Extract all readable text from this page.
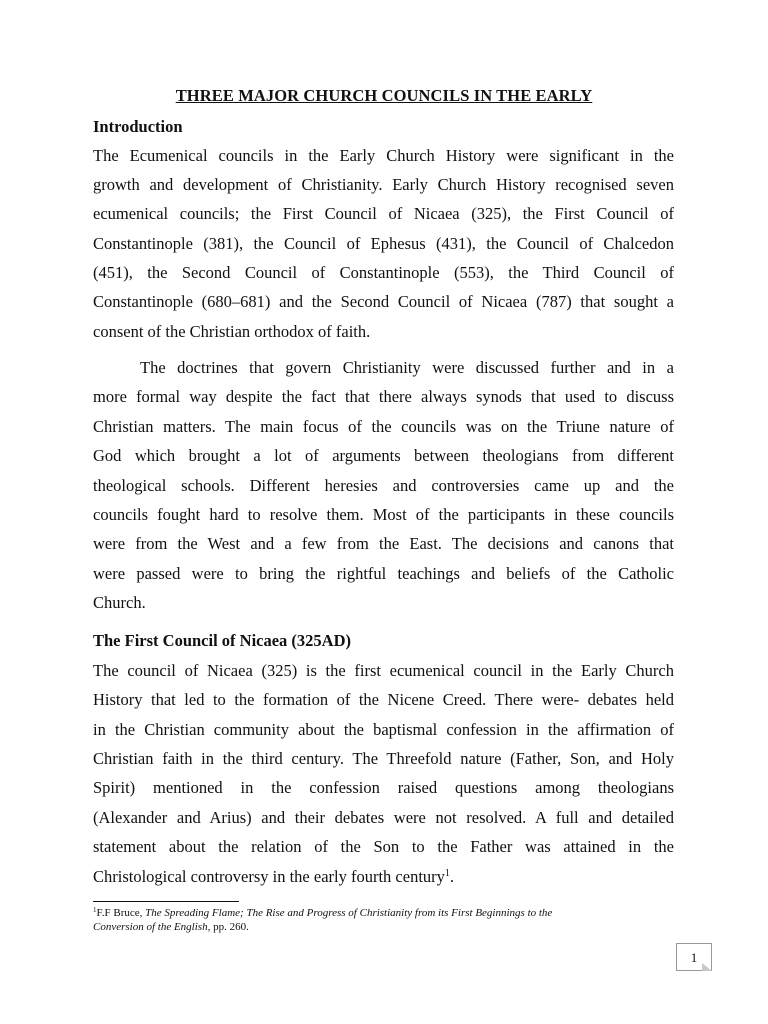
THREE MAJOR CHURCH COUNCILS IN THE EARLY
Introduction
The Ecumenical councils in the Early Church History were significant in the
growth and development of Christianity. Early Church History recognised seven
ecumenical councils; the First Council of Nicaea (325), the First Council of
Constantinople (381), the Council of Ephesus (431), the Council of Chalcedon
(451), the Second Council of Constantinople (553), the Third Council of
Constantinople (680–681) and the Second Council of Nicaea (787) that sought a
consent of the Christian orthodox of faith.
The doctrines that govern Christianity were discussed further and in a
more formal way despite the fact that there always synods that used to discuss
Christian matters. The main focus of the councils was on the Triune nature of
God which brought a lot of arguments between theologians from different
theological schools. Different heresies and controversies came up and the
councils fought hard to resolve them. Most of the participants in these councils
were from the West and a few from the East. The decisions and canons that
were passed were to bring the rightful teachings and beliefs of the Catholic
Church.
The First Council of Nicaea (325AD)
The council of Nicaea (325) is the first ecumenical council in the Early Church
History that led to the formation of the Nicene Creed. There were- debates held
in the Christian community about the baptismal confession in the affirmation of
Christian faith in the third century. The Threefold nature (Father, Son, and Holy
Spirit) mentioned in the confession raised questions among theologians
(Alexander and Arius) and their debates were not resolved. A full and detailed
statement about the relation of the Son to the Father was attained in the
Christological controversy in the early fourth century$^1$.
$^1$F.F Bruce, The Spreading Flame; The Rise and Progress of Christianity from its First Beginnings to the
Conversion of the English, pp. 260.
1
